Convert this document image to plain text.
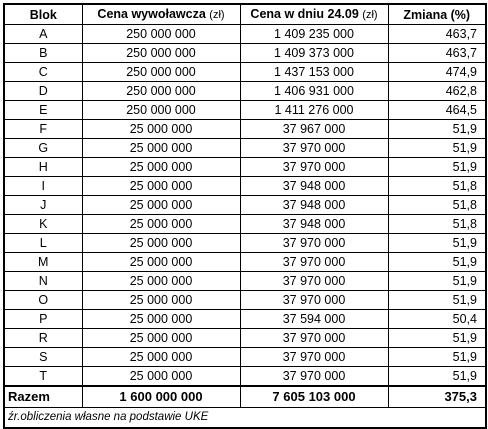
Blok	Cena wywoławcza (zł)	Cena w dniu 24.09 (zł)	Zmiana (%)
A	250 000 000	1 409 235 000	463,7
B	250 000 000	1 409 373 000	463,7
C	250 000 000	1 437 153 000	474,9
D	250 000 000	1 406 931 000	462,8
E	250 000 000	1 411 276 000	464,5
F	25 000 000	37 967 000	51,9
G	25 000 000	37 970 000	51,9
H	25 000 000	37 970 000	51,9
I	25 000 000	37 948 000	51,8
J	25 000 000	37 948 000	51,8
K	25 000 000	37 948 000	51,8
L	25 000 000	37 970 000	51,9
M	25 000 000	37 970 000	51,9
N	25 000 000	37 970 000	51,9
O	25 000 000	37 970 000	51,9
P	25 000 000	37 594 000	50,4
R	25 000 000	37 970 000	51,9
S	25 000 000	37 970 000	51,9
T	25 000 000	37 970 000	51,9
Razem	1 600 000 000	7 605 103 000	375,3
źr.obliczenia własne na podstawie UKE			
